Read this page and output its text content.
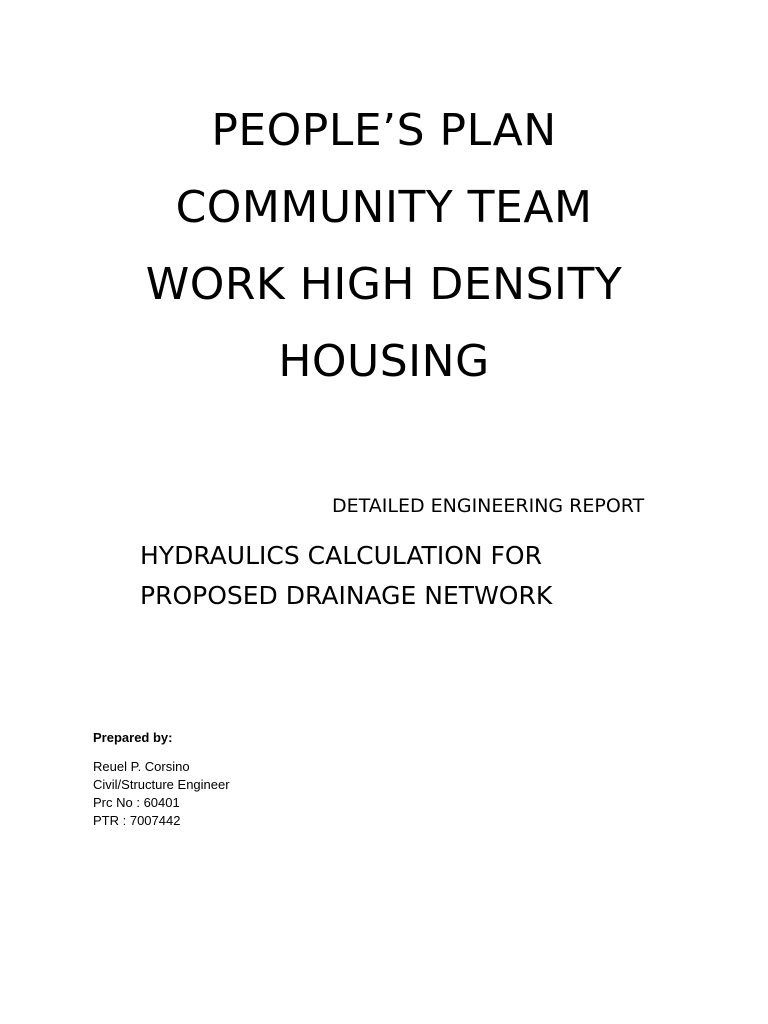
PEOPLE’S PLAN
COMMUNITY TEAM
WORK HIGH DENSITY
HOUSING
DETAILED ENGINEERING REPORT
HYDRAULICS CALCULATION FOR
PROPOSED DRAINAGE NETWORK
Prepared by:
Reuel P. Corsino
Civil/Structure Engineer
Prc No : 60401
PTR : 7007442
